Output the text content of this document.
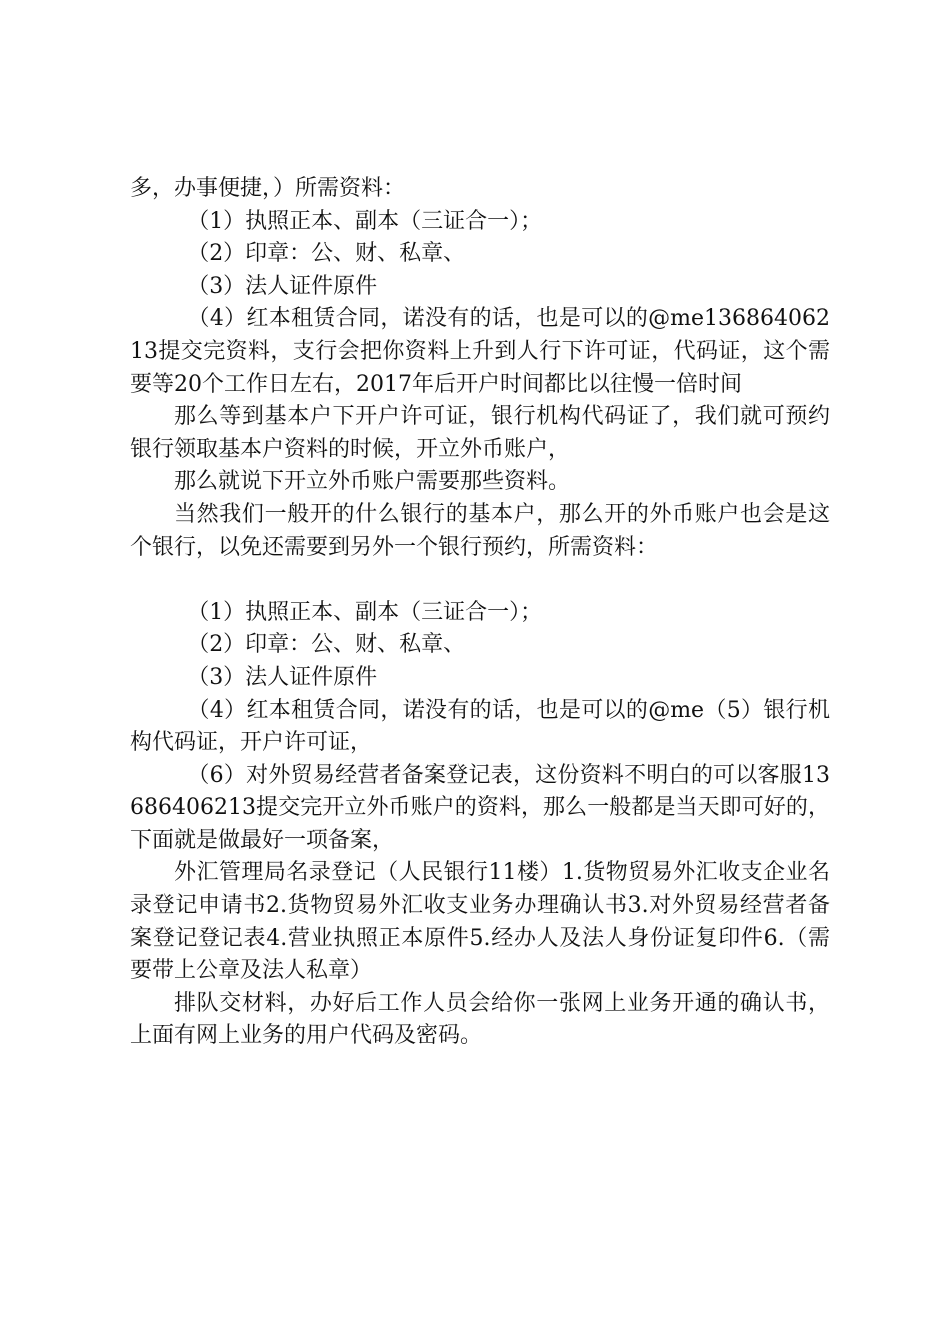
多，办事便捷，）所需资料：

（1）执照正本、副本（三证合一）；

（2）印章：公、财、私章、

（3）法人证件原件

（4）红本租赁合同，诺没有的话，也是可以的@me13686406213提交完资料，支行会把你资料上升到人行下许可证，代码证，这个需要等20个工作日左右，2017年后开户时间都比以往慢一倍时间

那么等到基本户下开户许可证，银行机构代码证了，我们就可预约银行领取基本户资料的时候，开立外币账户，

那么就说下开立外币账户需要那些资料。

当然我们一般开的什么银行的基本户，那么开的外币账户也会是这个银行，以免还需要到另外一个银行预约，所需资料：

（1）执照正本、副本（三证合一）；

（2）印章：公、财、私章、

（3）法人证件原件

（4）红本租赁合同，诺没有的话，也是可以的@me（5）银行机构代码证，开户许可证，

（6）对外贸易经营者备案登记表，这份资料不明白的可以客服13686406213提交完开立外币账户的资料，那么一般都是当天即可好的，下面就是做最好一项备案，

外汇管理局名录登记（人民银行11楼）1.货物贸易外汇收支企业名录登记申请书2.货物贸易外汇收支业务办理确认书3.对外贸易经营者备案登记登记表4.营业执照正本原件5.经办人及法人身份证复印件6.（需要带上公章及法人私章）

排队交材料，办好后工作人员会给你一张网上业务开通的确认书，上面有网上业务的用户代码及密码。
